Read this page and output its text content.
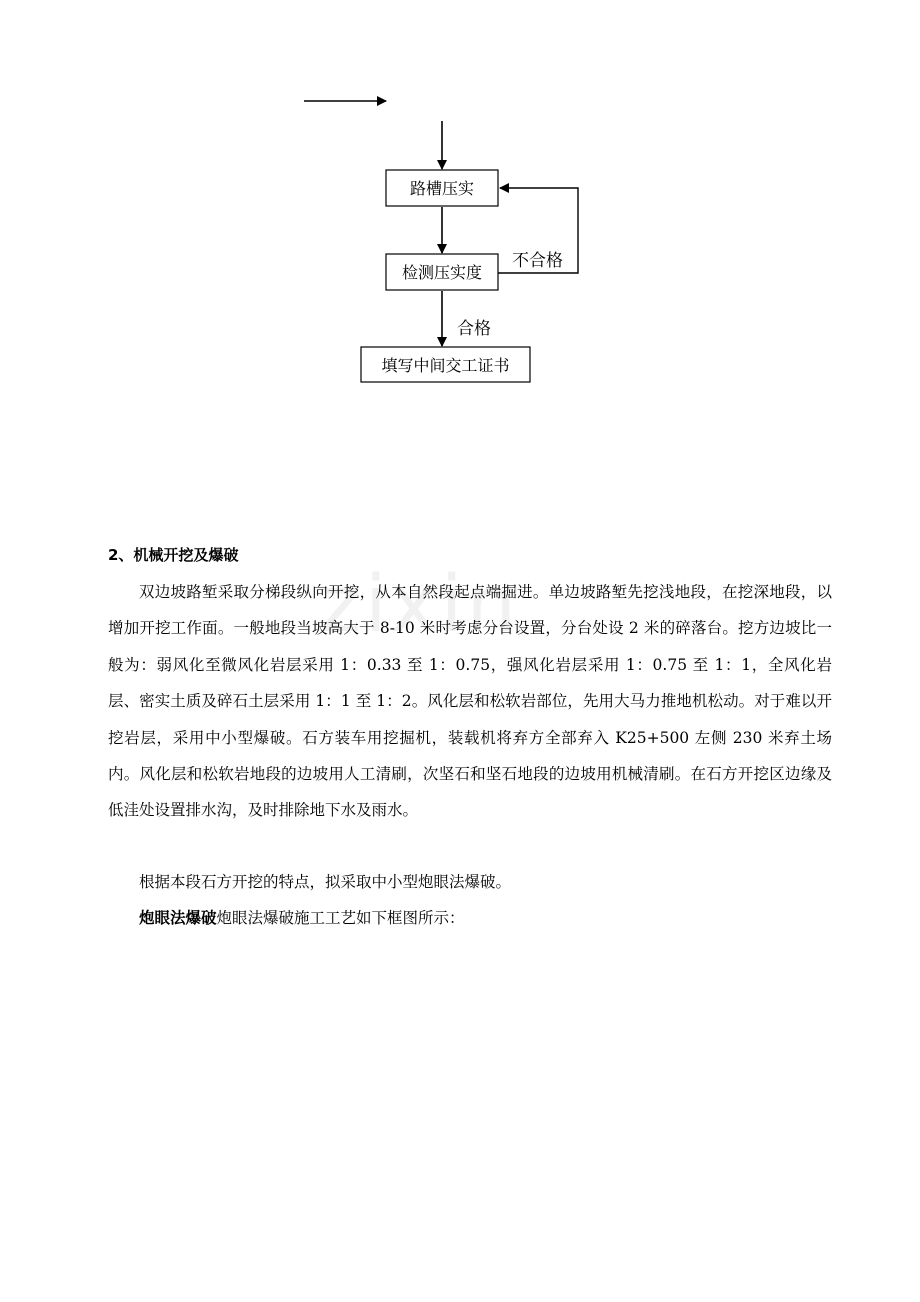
路槽压实
检测压实度
不合格
合格
填写中间交工证书
zixin
2、机械开挖及爆破

双边坡路堑采取分梯段纵向开挖，从本自然段起点端掘进。单边坡路堑先挖浅地段，在挖深地段，以增加开挖工作面。一般地段当坡高大于 8-10 米时考虑分台设置，分台处设 2 米的碎落台。挖方边坡比一般为：弱风化至微风化岩层采用 1：0.33 至 1：0.75，强风化岩层采用 1：0.75 至 1：1，全风化岩层、密实土质及碎石土层采用 1：1 至 1：2。风化层和松软岩部位，先用大马力推地机松动。对于难以开挖岩层，采用中小型爆破。石方装车用挖掘机，装载机将弃方全部弃入 K25+500 左侧 230 米弃土场内。风化层和松软岩地段的边坡用人工清刷，次坚石和坚石地段的边坡用机械清刷。在石方开挖区边缘及低洼处设置排水沟，及时排除地下水及雨水。

根据本段石方开挖的特点，拟采取中小型炮眼法爆破。

炮眼法爆破炮眼法爆破施工工艺如下框图所示：
